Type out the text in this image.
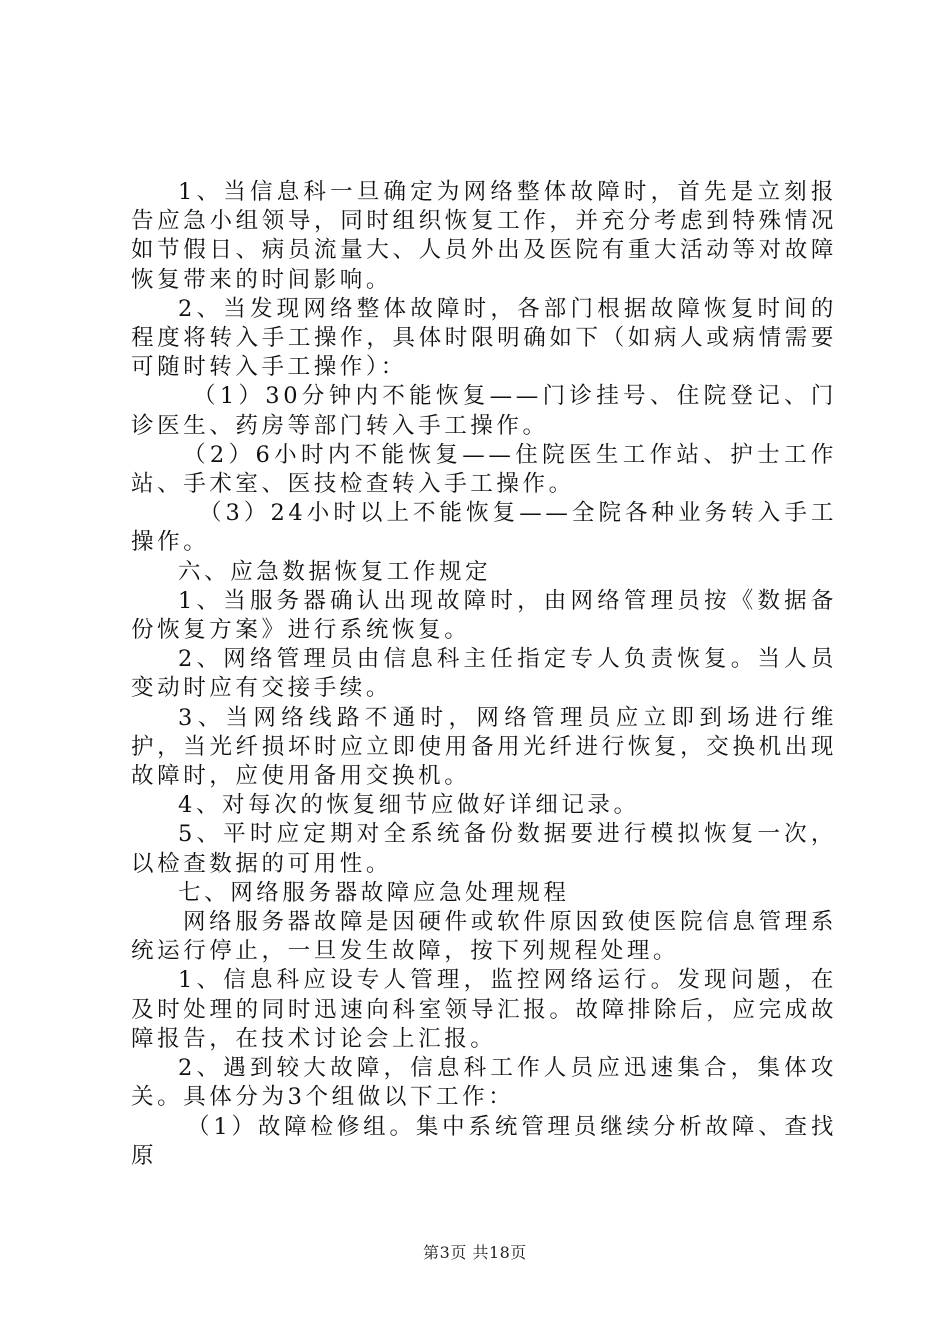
1、当信息科一旦确定为网络整体故障时，首先是立刻报告应急小组领导，同时组织恢复工作，并充分考虑到特殊情况如节假日、病员流量大、人员外出及医院有重大活动等对故障恢复带来的时间影响。

2、当发现网络整体故障时，各部门根据故障恢复时间的程度将转入手工操作，具体时限明确如下（如病人或病情需要可随时转入手工操作）：

（1）30分钟内不能恢复——门诊挂号、住院登记、门诊医生、药房等部门转入手工操作。

（2）6小时内不能恢复——住院医生工作站、护士工作站、手术室、医技检查转入手工操作。

（3）24小时以上不能恢复——全院各种业务转入手工操作。

六、应急数据恢复工作规定

1、当服务器确认出现故障时，由网络管理员按《数据备份恢复方案》进行系统恢复。

2、网络管理员由信息科主任指定专人负责恢复。当人员变动时应有交接手续。

3、当网络线路不通时，网络管理员应立即到场进行维护，当光纤损坏时应立即使用备用光纤进行恢复，交换机出现故障时，应使用备用交换机。

4、对每次的恢复细节应做好详细记录。

5、平时应定期对全系统备份数据要进行模拟恢复一次，以检查数据的可用性。

七、网络服务器故障应急处理规程

网络服务器故障是因硬件或软件原因致使医院信息管理系统运行停止，一旦发生故障，按下列规程处理。

1、信息科应设专人管理，监控网络运行。发现问题，在及时处理的同时迅速向科室领导汇报。故障排除后，应完成故障报告，在技术讨论会上汇报。

2、遇到较大故障，信息科工作人员应迅速集合，集体攻关。具体分为3个组做以下工作：

（1）故障检修组。集中系统管理员继续分析故障、查找原

第3页 共18页
